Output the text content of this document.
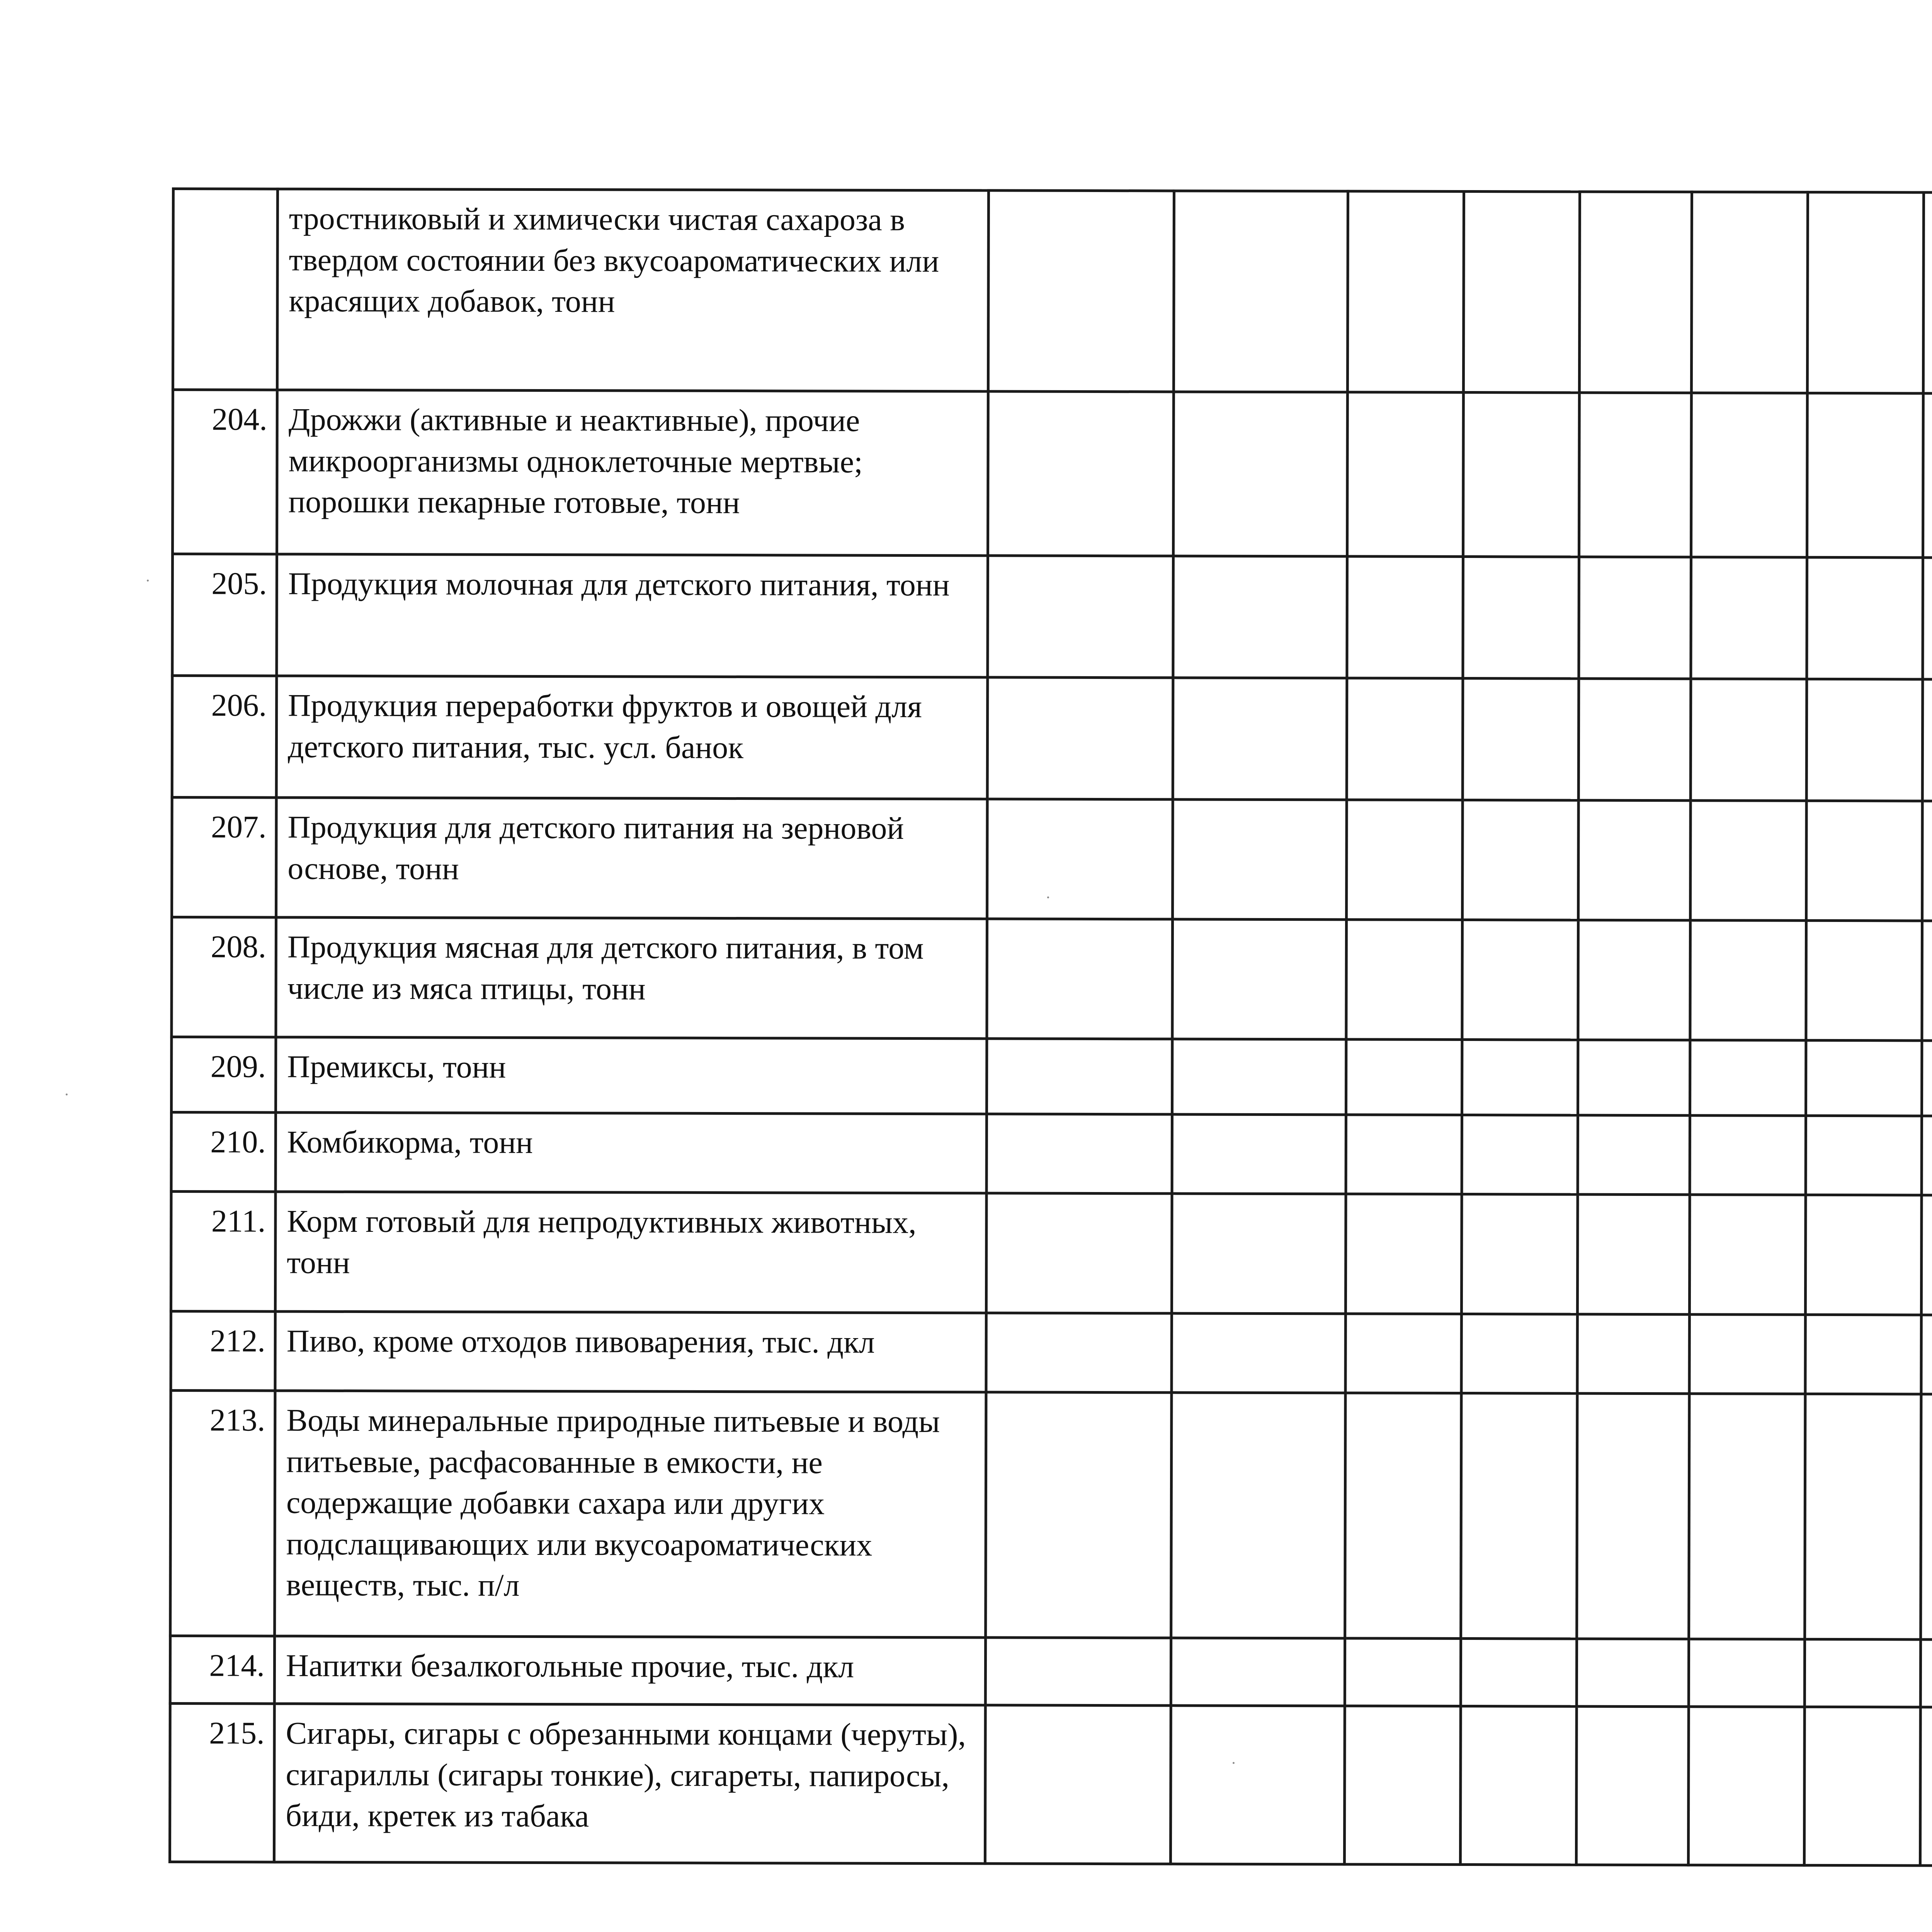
	тростниковый и химически чистая сахароза в твердом состоянии без вкусоароматических или красящих добавок, тонн														
204.	Дрожжи (активные и неактивные), прочие микроорганизмы одноклеточные мертвые; порошки пекарные готовые, тонн														
205.	Продукция молочная для детского питания, тонн														
206.	Продукция переработки фруктов и овощей для детского питания, тыс. усл. банок														
207.	Продукция для детского питания на зерновой основе, тонн														
208.	Продукция мясная для детского питания, в том числе из мяса птицы, тонн														
209.	Премиксы, тонн														
210.	Комбикорма, тонн														
211.	Корм готовый для непродуктивных животных, тонн														
212.	Пиво, кроме отходов пивоварения, тыс. дкл														
213.	Воды минеральные природные питьевые и воды питьевые, расфасованные в емкости, не содержащие добавки сахара или других подслащивающих или вкусоароматических веществ, тыс. п/л														
214.	Напитки безалкогольные прочие, тыс. дкл														
215.	Сигары, сигары с обрезанными концами (черуты), сигариллы (сигары тонкие), сигареты, папиросы, биди, кретек из табака														
